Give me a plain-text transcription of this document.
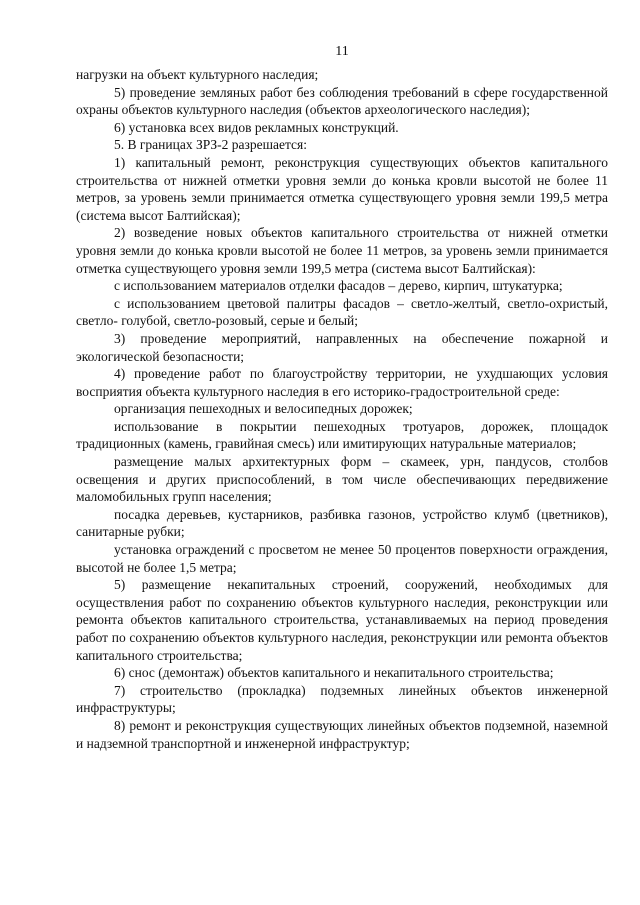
11

нагрузки на объект культурного наследия;

5) проведение земляных работ без соблюдения требований в сфере государственной охраны объектов культурного наследия (объектов археологического наследия);

6) установка всех видов рекламных конструкций.

5. В границах ЗРЗ-2 разрешается:

1) капитальный ремонт, реконструкция существующих объектов капитального строительства от нижней отметки уровня земли до конька кровли высотой не более 11 метров, за уровень земли принимается отметка существующего уровня земли 199,5 метра (система высот Балтийская);

2) возведение новых объектов капитального строительства от нижней отметки уровня земли до конька кровли высотой не более 11 метров, за уровень земли принимается отметка существующего уровня земли 199,5 метра (система высот Балтийская):

с использованием материалов отделки фасадов – дерево, кирпич, штукатурка;

с использованием цветовой палитры фасадов – светло-желтый, светло-охристый, светло- голубой, светло-розовый, серые и белый;

3) проведение мероприятий, направленных на обеспечение пожарной и экологической безопасности;

4) проведение работ по благоустройству территории, не ухудшающих условия восприятия объекта культурного наследия в его историко-градостроительной среде:

организация пешеходных и велосипедных дорожек;

использование в покрытии пешеходных тротуаров, дорожек, площадок традиционных (камень, гравийная смесь) или имитирующих натуральные материалов;

размещение малых архитектурных форм – скамеек, урн, пандусов, столбов освещения и других приспособлений, в том числе обеспечивающих передвижение маломобильных групп населения;

посадка деревьев, кустарников, разбивка газонов, устройство клумб (цветников), санитарные рубки;

установка ограждений с просветом не менее 50 процентов поверхности ограждения, высотой не более 1,5 метра;

5) размещение некапитальных строений, сооружений, необходимых для осуществления работ по сохранению объектов культурного наследия, реконструкции или ремонта объектов капитального строительства, устанавливаемых на период проведения работ по сохранению объектов культурного наследия, реконструкции или ремонта объектов капитального строительства;

6) снос (демонтаж) объектов капитального и некапитального строительства;

7) строительство (прокладка) подземных линейных объектов инженерной инфраструктуры;

8) ремонт и реконструкция существующих линейных объектов подземной, наземной и надземной транспортной и инженерной инфраструктур;
